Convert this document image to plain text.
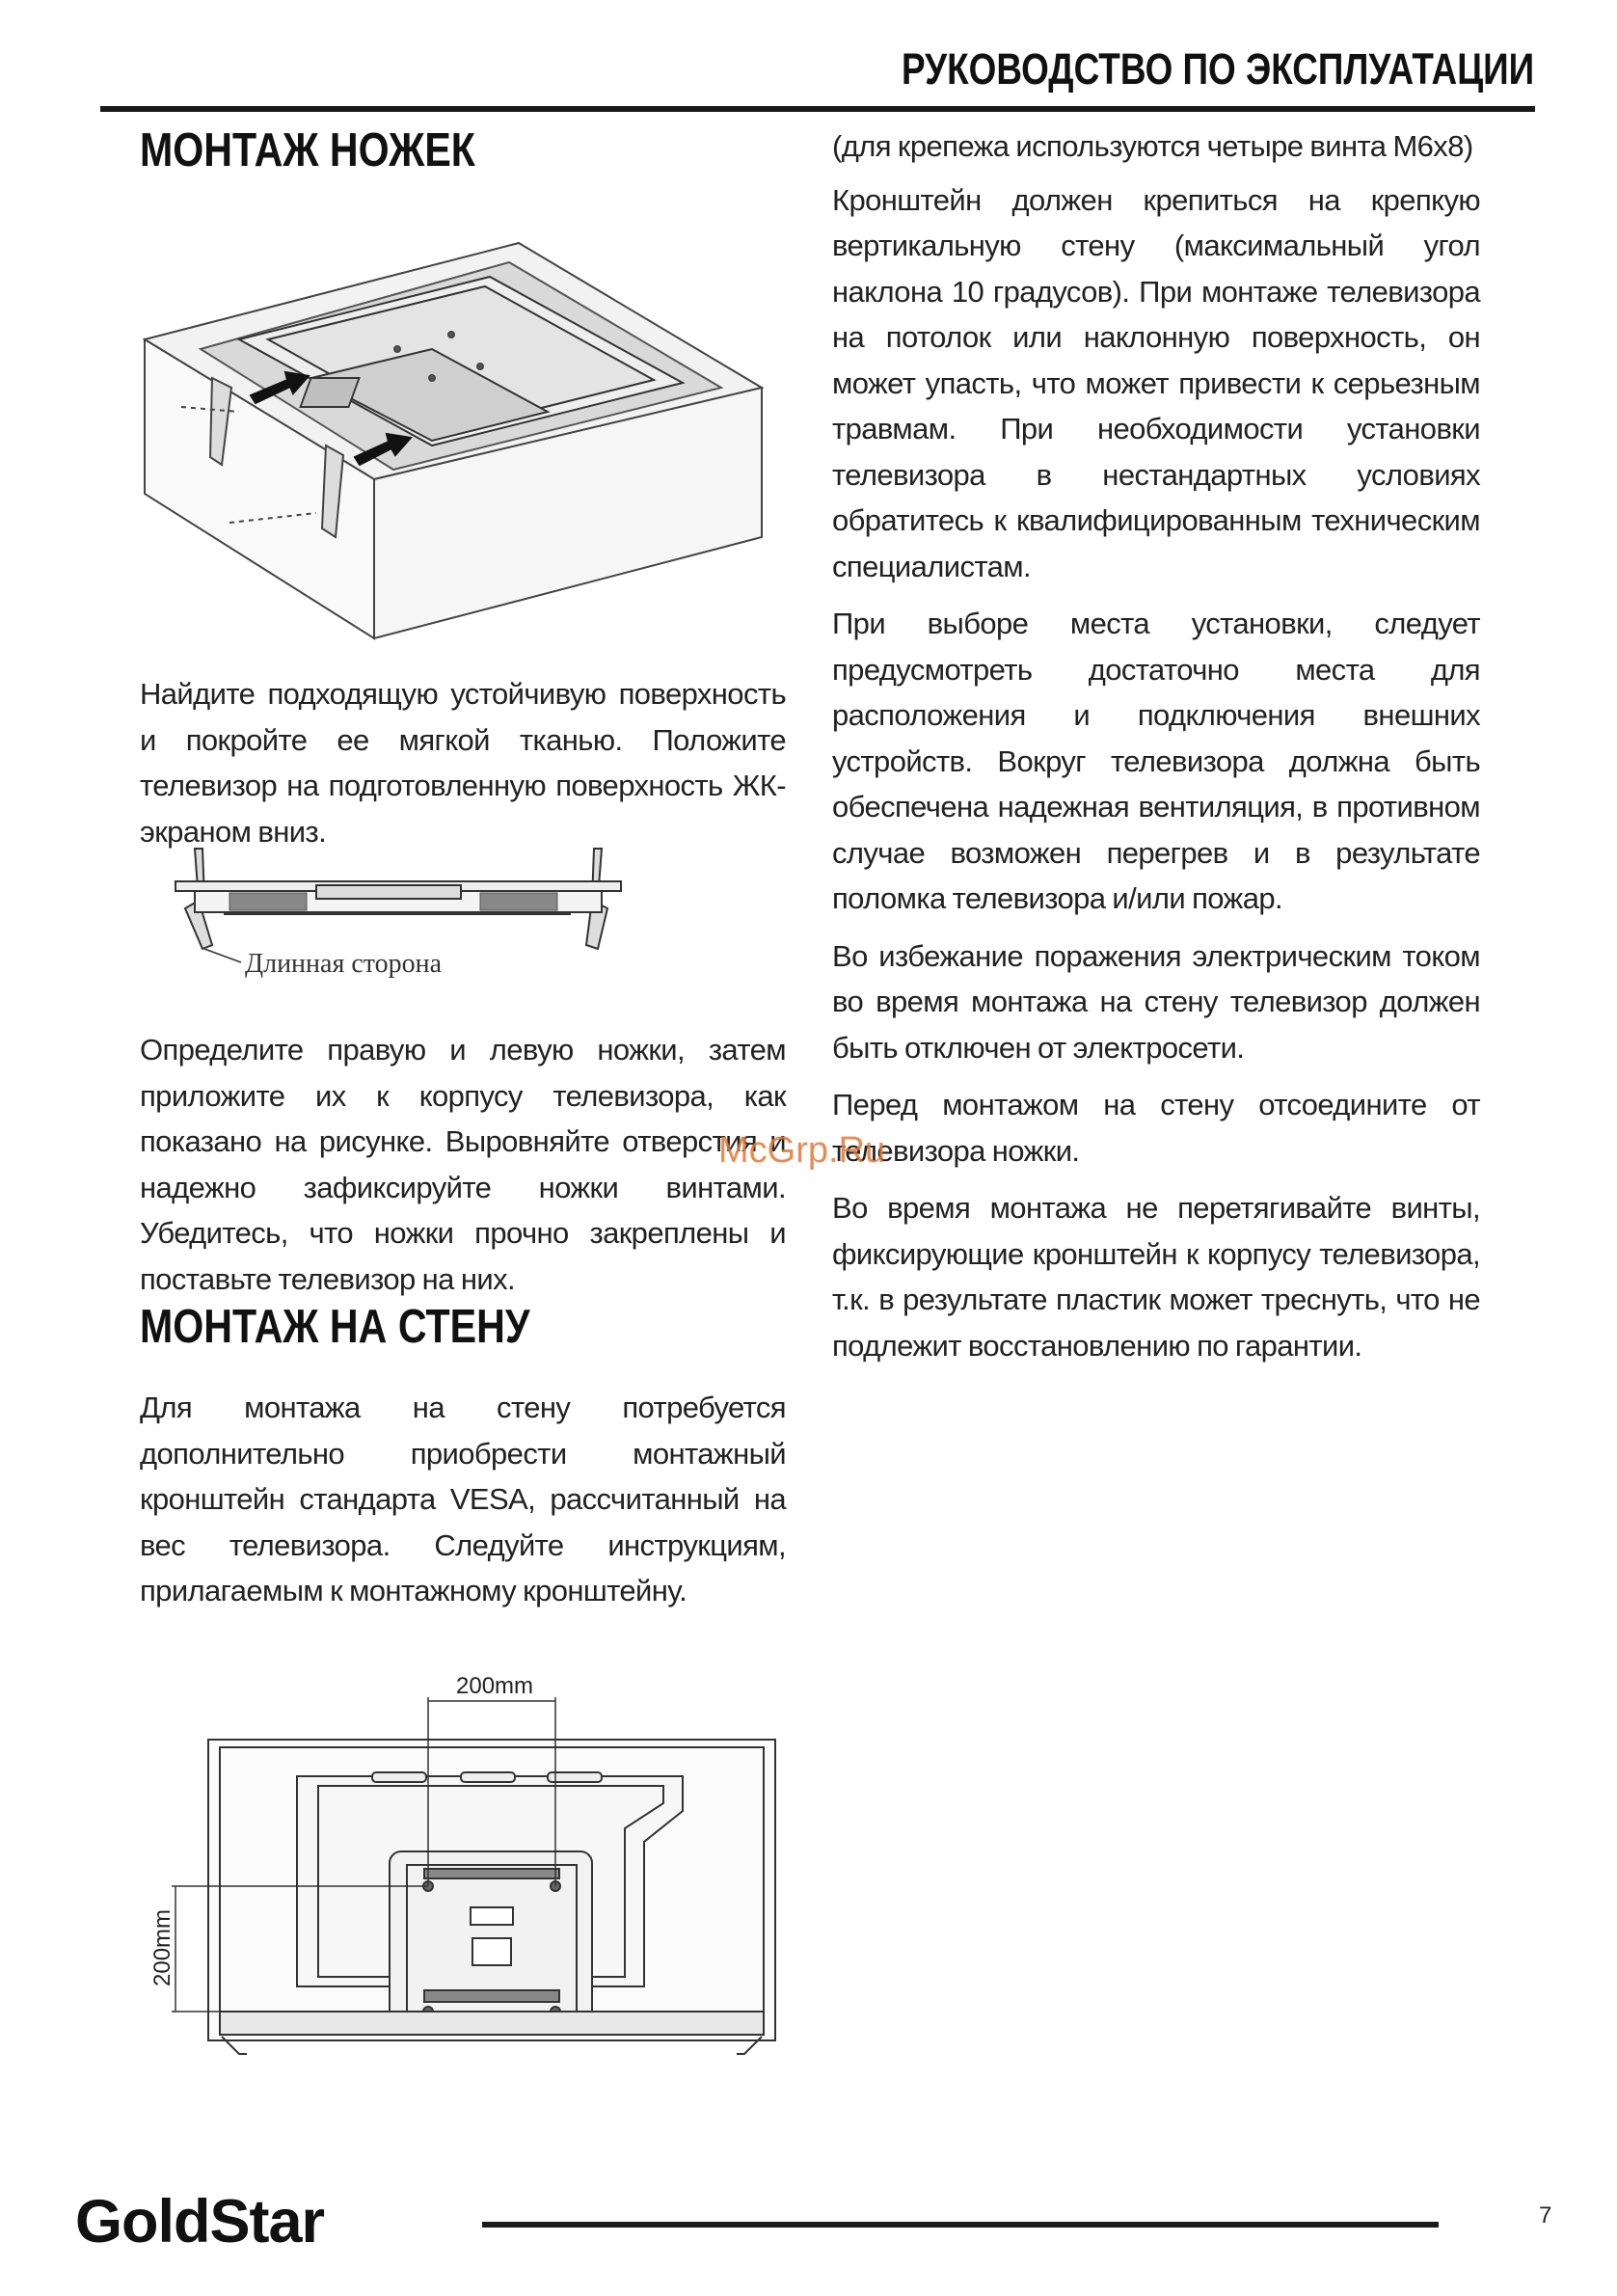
РУКОВОДСТВО ПО ЭКСПЛУАТАЦИИ
МОНТАЖ НОЖЕК

Найдите подходящую устойчивую поверхность и покройте ее мягкой тканью. Положите телевизор на подготовленную поверхность ЖК-экраном вниз.

Длинная сторона

Определите правую и левую ножки, затем приложите их к корпусу телевизора, как показано на рисунке. Выровняйте отверстия и надежно зафиксируйте ножки винтами. Убедитесь, что ножки прочно закреплены и поставьте телевизор на них.

МОНТАЖ НА СТЕНУ

Для монтажа на стену потребуется дополнительно приобрести монтажный кронштейн стандарта VESA, рассчитанный на вес телевизора. Следуйте инструкциям, прилагаемым к монтажному кронштейну.

200mm
200mm

(для крепежа используются четыре винта M6x8)

Кронштейн должен крепиться на крепкую вертикальную стену (максимальный угол наклона 10 градусов). При монтаже телевизора на потолок или наклонную поверхность, он может упасть, что может привести к серьезным травмам. При необходимости установки телевизора в нестандартных условиях обратитесь к квалифицированным техническим специалистам.

При выборе места установки, следует предусмотреть достаточно места для расположения и подключения внешних устройств. Вокруг телевизора должна быть обеспечена надежная вентиляция, в противном случае возможен перегрев и в результате поломка телевизора и/или пожар.

Во избежание поражения электрическим током во время монтажа на стену телевизор должен быть отключен от электросети.

Перед монтажом на стену отсоедините от телевизора ножки.

Во время монтажа не перетягивайте винты, фиксирующие кронштейн к корпусу телевизора, т.к. в результате пластик может треснуть, что не подлежит восстановлению по гарантии.

McGrp.Ru
GoldStar	7
